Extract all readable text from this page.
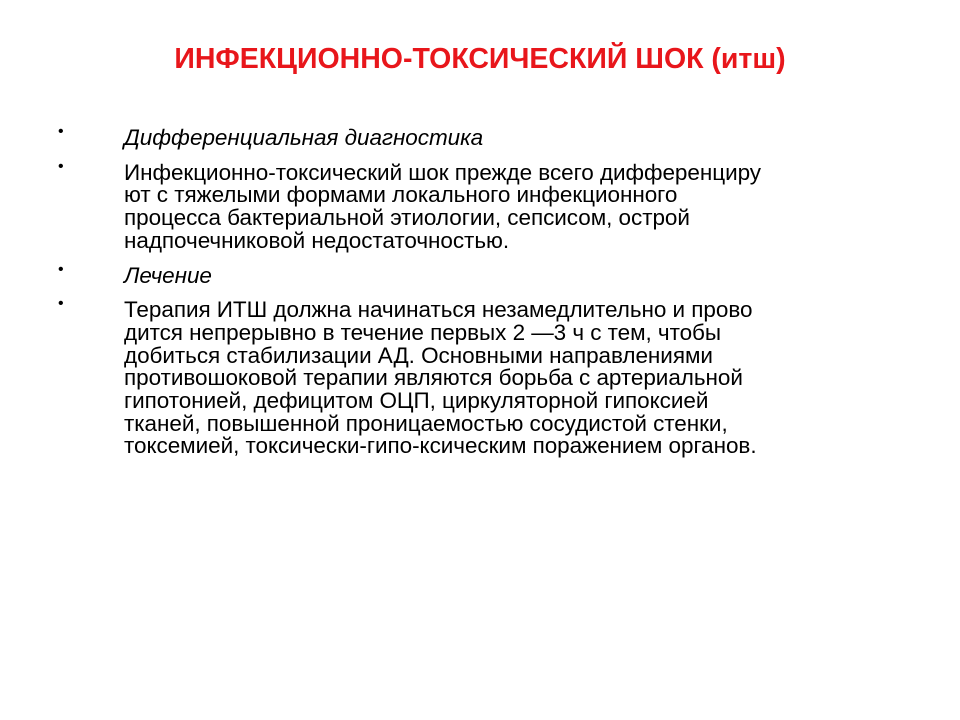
ИНФЕКЦИОННО-ТОКСИЧЕСКИЙ ШОК (итш)
•	Дифференциальная диагностика
•	Инфекционно-токсический шок прежде всего дифференциру
ют с тяжелыми формами локального инфекционного
процесса бактериальной этиологии, сепсисом, острой
надпочечниковой недостаточностью.
•	Лечение
•	Терапия ИТШ должна начинаться незамедлительно и прово
дится непрерывно в течение первых 2 —3 ч с тем, чтобы
добиться стабилизации АД. Основными направлениями
противошоковой терапии являются борьба с артериальной
гипотонией, дефицитом ОЦП, циркуляторной гипоксией
тканей, повышенной проницаемостью сосудистой стенки,
токсемией, токсически-гипо-ксическим поражением органов.
